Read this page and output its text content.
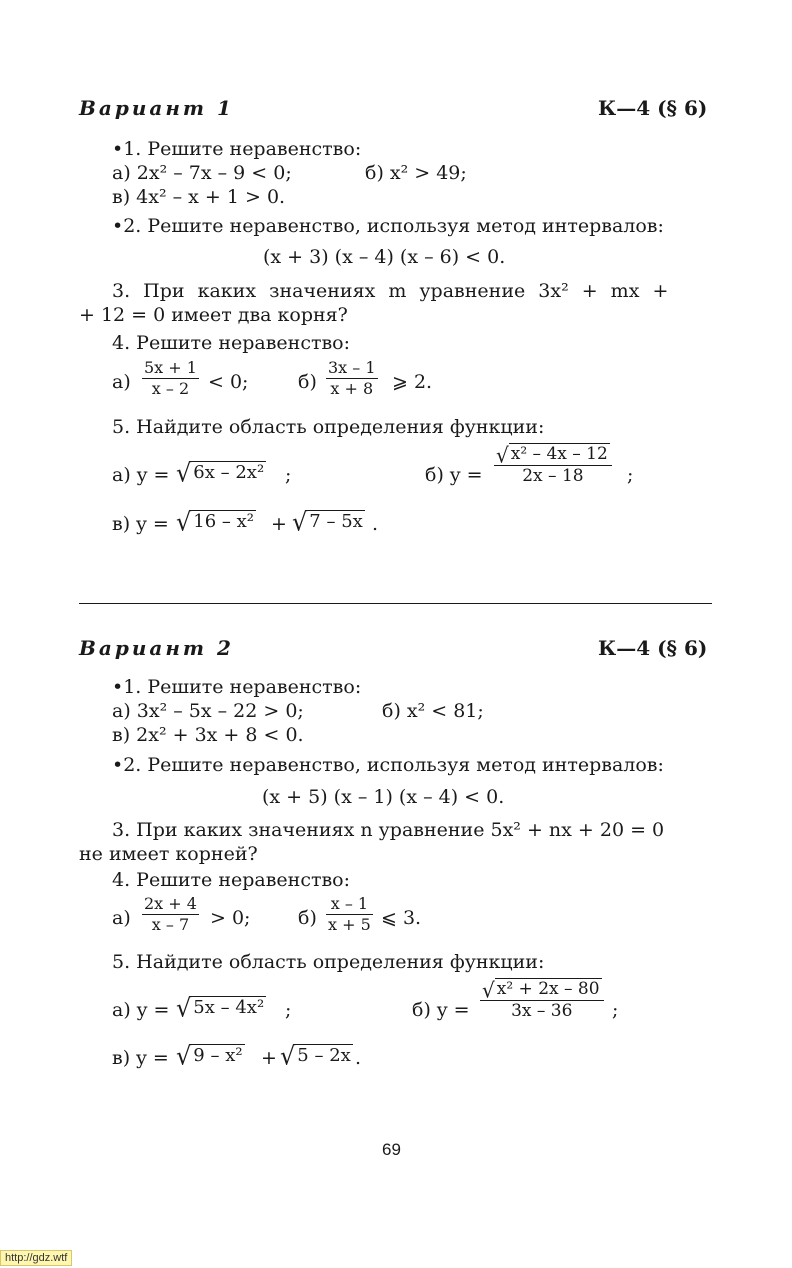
Вариант 1	К—4 (§ 6)
•1. Решите неравенство:
а) 2x² – 7x – 9 < 0;	б) x² > 49;
в) 4x² – x + 1 > 0.
•2. Решите неравенство, используя метод интервалов:
(x + 3) (x – 4) (x – 6) < 0.
3. При каких значениях m уравнение 3x² + mx +
+ 12 = 0 имеет два корня?
4. Решите неравенство:
$а) \frac{5x + 1}{x - 2} < 0$;	$б) \frac{3x - 1}{x + 8}$ ⩾ 2.
5. Найдите область определения функции:
а) y = √ 6x – 2x² ;	б) $y = \frac{\text{√ x² – 4x – 12}}{2x - 18}$ ;
в) y = √ 16 – x² + √ 7 – 5x .
Вариант 2	К—4 (§ 6)
•1. Решите неравенство:
а) 3x² – 5x – 22 > 0;	б) x² < 81;
в) 2x² + 3x + 8 < 0.
•2. Решите неравенство, используя метод интервалов:
(x + 5) (x – 1) (x – 4) < 0.
3. При каких значениях n уравнение 5x² + nx + 20 = 0
не имеет корней?
4. Решите неравенство:
$а) \frac{2x + 4}{x - 7} > 0$;	$б) \frac{x - 1}{x + 5}$ ⩽ 3.
5. Найдите область определения функции:
а) y = √ 5x – 4x² ;	б) $y = \frac{\text{√ x² + 2x – 80}}{3x - 36}$ ;
в) y = √ 9 – x² + √ 5 – 2x .
69
http://gdz.wtf
